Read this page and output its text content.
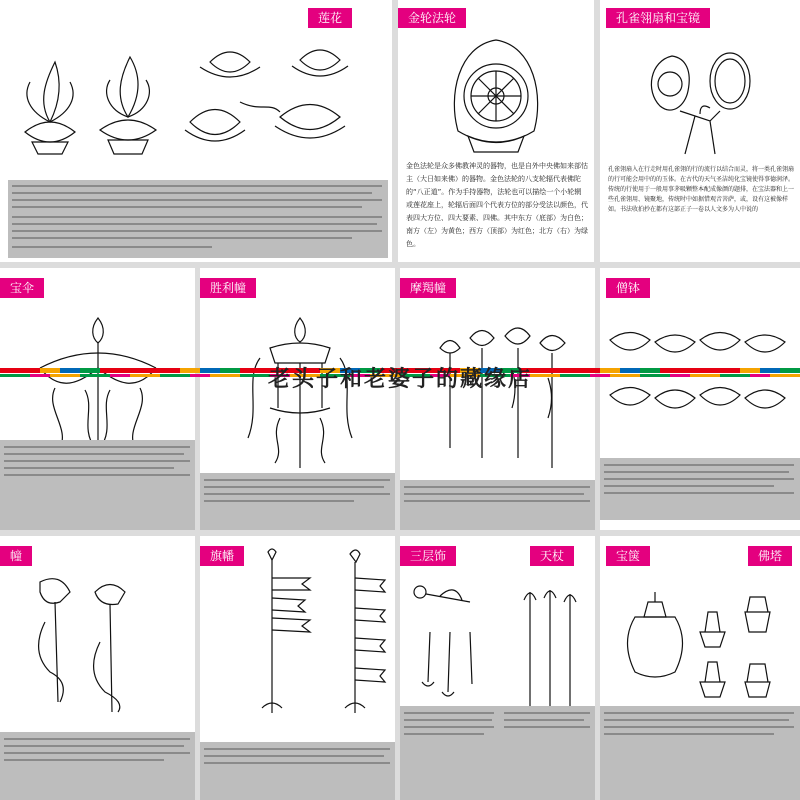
莲花	金轮法轮
金色法轮是众多佛教神灵的器物，也是自外中央佛如来部怙主（大日如来佛）的器物。金色法轮的八支轮辐代表佛陀的“八正道”。作为手持器物，法轮也可以描绘一个小轮辋或莲花座上，轮辐后面四个代表方位的部分受法以颜色，代表四大方位、四大要素、四佛。其中东方（底部）为白色；南方（左）为黄色；西方（顶部）为红色；北方（右）为绿色。
孔雀翎扇和宝镜
孔雀翎扇入在行走时用孔雀翎的行的流行以结合而灵，将一类孔雀翎扇的行可能会用中的的玉体。在古代的天气圣洁纯化宝镜使得事德润泽。传统的行使用于一般用事茅吸颗整本配成像颜的题排，在宝法器和上一些孔雀翎用、镜聚地，传统时中如据惜观音菩萨，或，设有这被像样如。书法收拍抄在都有这部正子一卷以人文多为人中说的
宝伞	胜利幢	摩羯幢	僧钵
幢	旗幡	三层饰	天杖	宝箧	佛塔
老头子和老婆子的藏缘店
